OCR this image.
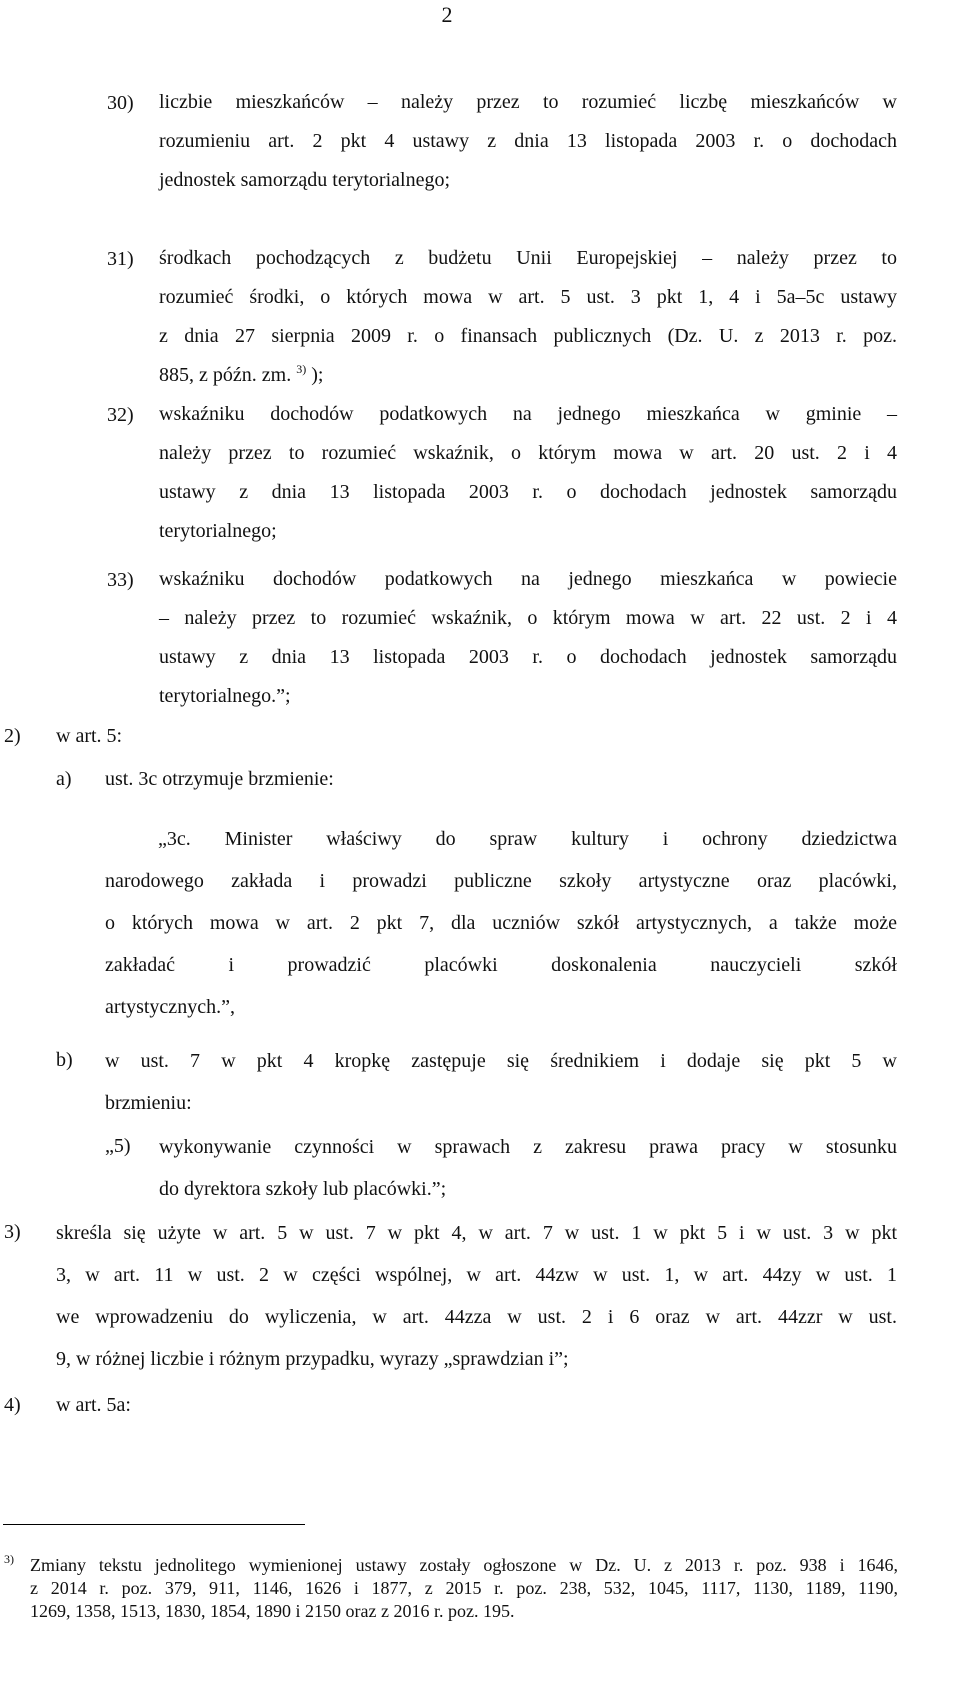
2
30) liczbie mieszkańców – należy przez to rozumieć liczbę mieszkańców w
rozumieniu art. 2 pkt 4 ustawy z dnia 13 listopada 2003 r. o dochodach
jednostek samorządu terytorialnego;
31) środkach pochodzących z budżetu Unii Europejskiej – należy przez to
rozumieć środki, o których mowa w art. 5 ust. 3 pkt 1, 4 i 5a–5c ustawy
z dnia 27 sierpnia 2009 r. o finansach publicznych (Dz. U. z 2013 r. poz.
885, z późn. zm. $^{3)}$ );
32) wskaźniku dochodów podatkowych na jednego mieszkańca w gminie –
należy przez to rozumieć wskaźnik, o którym mowa w art. 20 ust. 2 i 4
ustawy z dnia 13 listopada 2003 r. o dochodach jednostek samorządu
terytorialnego;
33) wskaźniku dochodów podatkowych na jednego mieszkańca w powiecie
– należy przez to rozumieć wskaźnik, o którym mowa w art. 22 ust. 2 i 4
ustawy z dnia 13 listopada 2003 r. o dochodach jednostek samorządu
terytorialnego.”;
2) w art. 5:
a) ust. 3c otrzymuje brzmienie:
„3c. Minister właściwy do spraw kultury i ochrony dziedzictwa
narodowego zakłada i prowadzi publiczne szkoły artystyczne oraz placówki,
o których mowa w art. 2 pkt 7, dla uczniów szkół artystycznych, a także może
zakładać i prowadzić placówki doskonalenia nauczycieli szkół
artystycznych.”,
b) w ust. 7 w pkt 4 kropkę zastępuje się średnikiem i dodaje się pkt 5 w
brzmieniu:
„5) wykonywanie czynności w sprawach z zakresu prawa pracy w stosunku
do dyrektora szkoły lub placówki.”;
3) skreśla się użyte w art. 5 w ust. 7 w pkt 4, w art. 7 w ust. 1 w pkt 5 i w ust. 3 w pkt
3, w art. 11 w ust. 2 w części wspólnej, w art. 44zw w ust. 1, w art. 44zy w ust. 1
we wprowadzeniu do wyliczenia, w art. 44zza w ust. 2 i 6 oraz w art. 44zzr w ust.
9, w różnej liczbie i różnym przypadku, wyrazy „sprawdzian i”;
4) w art. 5a:
3) Zmiany tekstu jednolitego wymienionej ustawy zostały ogłoszone w Dz. U. z 2013 r. poz. 938 i 1646,
z 2014 r. poz. 379, 911, 1146, 1626 i 1877, z 2015 r. poz. 238, 532, 1045, 1117, 1130, 1189, 1190,
1269, 1358, 1513, 1830, 1854, 1890 i 2150 oraz z 2016 r. poz. 195.
